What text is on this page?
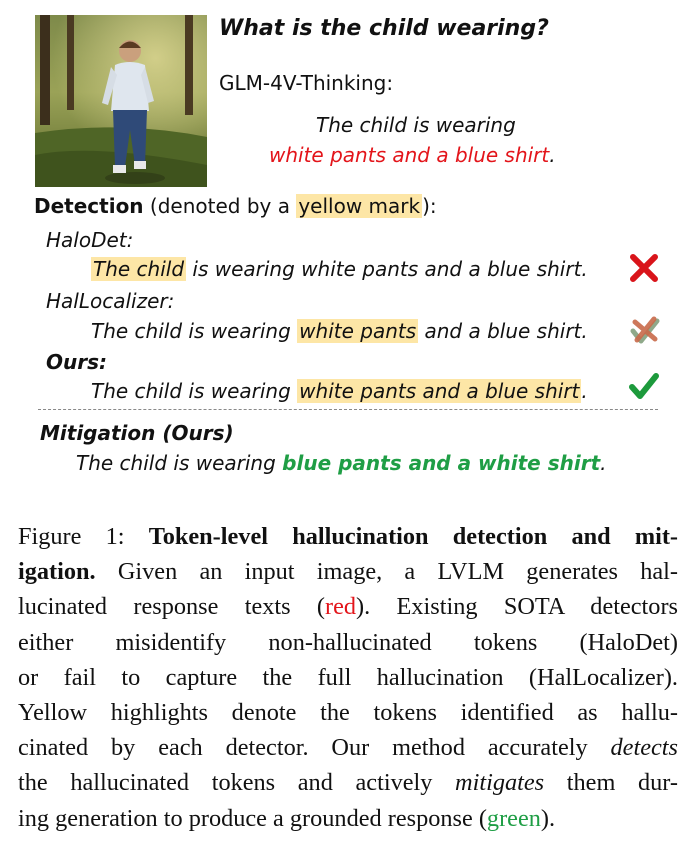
What is the child wearing?
GLM-4V-Thinking:
The child is wearing
white pants and a blue shirt.
Detection (denoted by a yellow mark ):
HaloDet:
The child is wearing white pants and a blue shirt.
HalLocalizer:
The child is wearing white pants and a blue shirt.
Ours:
The child is wearing white pants and a blue shirt .
Mitigation (Ours)
The child is wearing blue pants and a white shirt.
Figure 1: Token-level hallucination detection and mit-
igation. Given an input image, a LVLM generates hal-
lucinated response texts (red). Existing SOTA detectors
either misidentify non-hallucinated tokens (HaloDet)
or fail to capture the full hallucination (HalLocalizer).
Yellow highlights denote the tokens identified as hallu-
cinated by each detector. Our method accurately detects
the hallucinated tokens and actively mitigates them dur-
ing generation to produce a grounded response (green).
